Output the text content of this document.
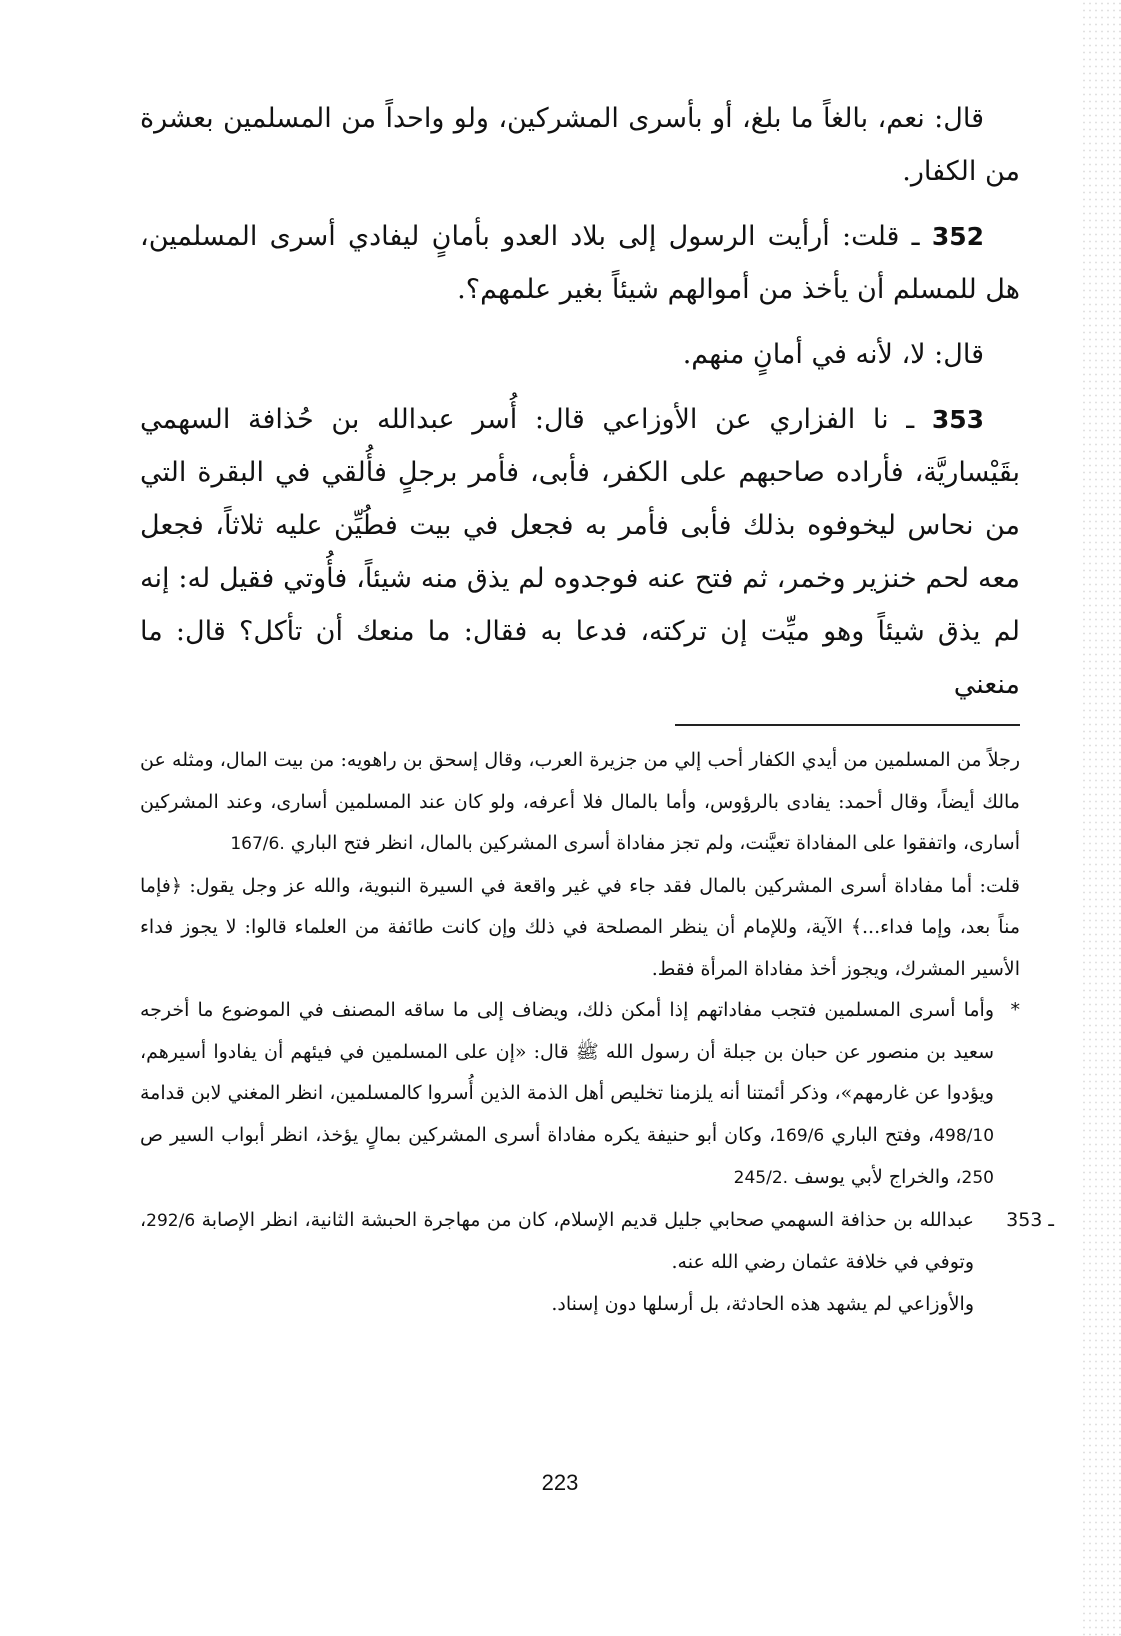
قال: نعم، بالغاً ما بلغ، أو بأسرى المشركين، ولو واحداً من المسلمين بعشرة من الكفار.

352 ـ قلت: أرأيت الرسول إلى بلاد العدو بأمانٍ ليفادي أسرى المسلمين، هل للمسلم أن يأخذ من أموالهم شيئاً بغير علمهم؟.

قال: لا، لأنه في أمانٍ منهم.

353 ـ نا الفزاري عن الأوزاعي قال: أُسر عبدالله بن حُذافة السهمي بقَيْساريَّة، فأراده صاحبهم على الكفر، فأبى، فأمر برجلٍ فأُلقي في البقرة التي من نحاس ليخوفوه بذلك فأبى فأمر به فجعل في بيت فطُيِّن عليه ثلاثاً، فجعل معه لحم خنزير وخمر، ثم فتح عنه فوجدوه لم يذق منه شيئاً، فأُوتي فقيل له: إنه لم يذق شيئاً وهو ميِّت إن تركته، فدعا به فقال: ما منعك أن تأكل؟ قال: ما منعني

رجلاً من المسلمين من أيدي الكفار أحب إلي من جزيرة العرب، وقال إسحق بن راهويه: من بيت المال، ومثله عن مالك أيضاً، وقال أحمد: يفادى بالرؤوس، وأما بالمال فلا أعرفه، ولو كان عند المسلمين أسارى، وعند المشركين أسارى، واتفقوا على المفاداة تعيَّنت، ولم تجز مفاداة أسرى المشركين بالمال، انظر فتح الباري 167/6.

قلت: أما مفاداة أسرى المشركين بالمال فقد جاء في غير واقعة في السيرة النبوية، والله عز وجل يقول: ﴿فإما مناً بعد، وإما فداء...﴾ الآية، وللإمام أن ينظر المصلحة في ذلك وإن كانت طائفة من العلماء قالوا: لا يجوز فداء الأسير المشرك، ويجوز أخذ مفاداة المرأة فقط.

*
وأما أسرى المسلمين فتجب مفاداتهم إذا أمكن ذلك، ويضاف إلى ما ساقه المصنف في الموضوع ما أخرجه سعيد بن منصور عن حبان بن جبلة أن رسول الله ﷺ قال: «إن على المسلمين في فيئهم أن يفادوا أسيرهم، ويؤدوا عن غارمهم»، وذكر أئمتنا أنه يلزمنا تخليص أهل الذمة الذين أُسروا كالمسلمين، انظر المغني لابن قدامة 498/10، وفتح الباري 169/6، وكان أبو حنيفة يكره مفاداة أسرى المشركين بمالٍ يؤخذ، انظر أبواب السير ص 250، والخراج لأبي يوسف 245/2.

353 ـ

عبدالله بن حذافة السهمي صحابي جليل قديم الإسلام، كان من مهاجرة الحبشة الثانية، انظر الإصابة 292/6، وتوفي في خلافة عثمان رضي الله عنه.

والأوزاعي لم يشهد هذه الحادثة، بل أرسلها دون إسناد.

223
